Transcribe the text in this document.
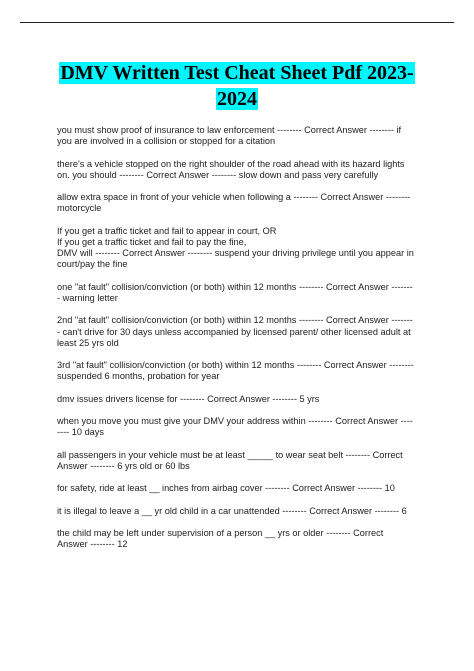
DMV Written Test Cheat Sheet Pdf 2023-
2024
you must show proof of insurance to law enforcement -------- Correct Answer -------- if
you are involved in a collision or stopped for a citation
there's a vehicle stopped on the right shoulder of the road ahead with its hazard lights
on. you should -------- Correct Answer -------- slow down and pass very carefully
allow extra space in front of your vehicle when following a -------- Correct Answer --------
motorcycle
If you get a traffic ticket and fail to appear in court, OR
If you get a traffic ticket and fail to pay the fine,
DMV will -------- Correct Answer -------- suspend your driving privilege until you appear in
court/pay the fine
one "at fault" collision/conviction (or both) within 12 months -------- Correct Answer -------
- warning letter
2nd "at fault" collision/conviction (or both) within 12 months -------- Correct Answer -------
- can't drive for 30 days unless accompanied by licensed parent/ other licensed adult at
least 25 yrs old
3rd "at fault" collision/conviction (or both) within 12 months -------- Correct Answer --------
suspended 6 months, probation for year
dmv issues drivers license for -------- Correct Answer -------- 5 yrs
when you move you must give your DMV your address within -------- Correct Answer ----
---- 10 days
all passengers in your vehicle must be at least _____ to wear seat belt -------- Correct
Answer -------- 6 yrs old or 60 lbs
for safety, ride at least __ inches from airbag cover -------- Correct Answer -------- 10
it is illegal to leave a __ yr old child in a car unattended -------- Correct Answer -------- 6
the child may be left under supervision of a person __ yrs or older -------- Correct
Answer -------- 12
